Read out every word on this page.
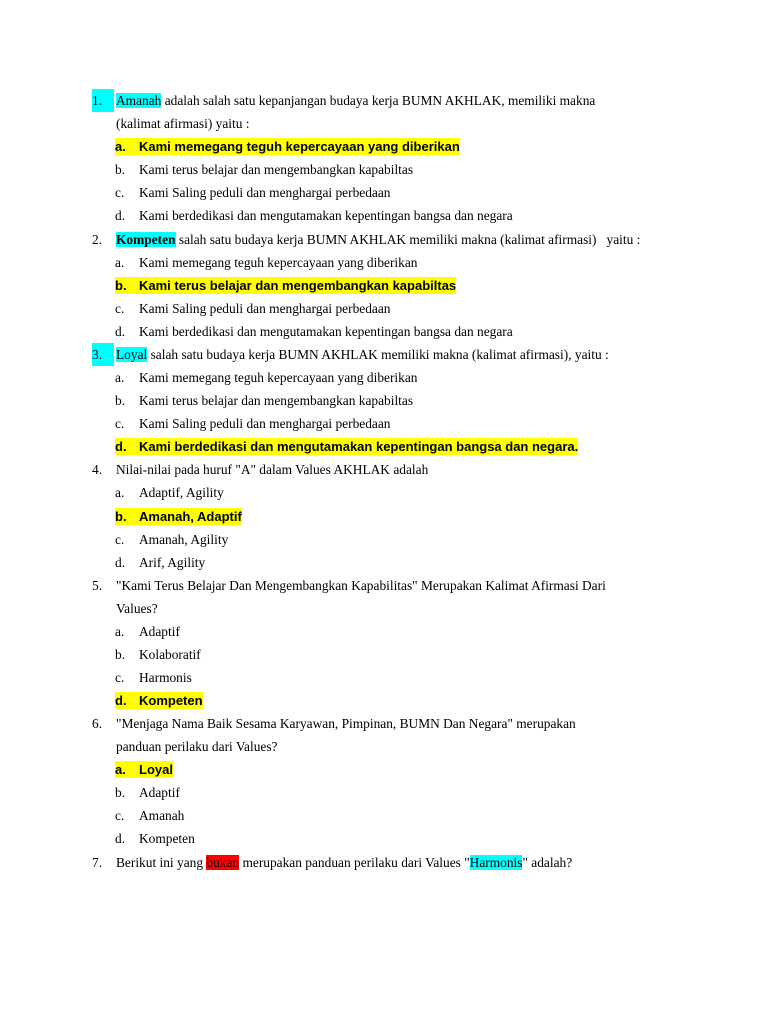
1.	Amanah adalah salah satu kepanjangan budaya kerja BUMN AKHLAK, memiliki makna
(kalimat afirmasi) yaitu :
a. Kami memegang teguh kepercayaan yang diberikan
b. Kami terus belajar dan mengembangkan kapabiltas
c. Kami Saling peduli dan menghargai perbedaan
d. Kami berdedikasi dan mengutamakan kepentingan bangsa dan negara
2.	Kompeten salah satu budaya kerja BUMN AKHLAK memiliki makna (kalimat afirmasi)   yaitu :
a. Kami memegang teguh kepercayaan yang diberikan
b. Kami terus belajar dan mengembangkan kapabiltas
c. Kami Saling peduli dan menghargai perbedaan
d. Kami berdedikasi dan mengutamakan kepentingan bangsa dan negara
3.	Loyal salah satu budaya kerja BUMN AKHLAK memiliki makna (kalimat afirmasi), yaitu :
a. Kami memegang teguh kepercayaan yang diberikan
b. Kami terus belajar dan mengembangkan kapabiltas
c. Kami Saling peduli dan menghargai perbedaan
d. Kami berdedikasi dan mengutamakan kepentingan bangsa dan negara.
4.	Nilai-nilai pada huruf "A" dalam Values AKHLAK adalah
a. Adaptif, Agility
b. Amanah, Adaptif
c. Amanah, Agility
d. Arif, Agility
5.	"Kami Terus Belajar Dan Mengembangkan Kapabilitas" Merupakan Kalimat Afirmasi Dari
Values?
a. Adaptif
b. Kolaboratif
c. Harmonis
d. Kompeten
6.	"Menjaga Nama Baik Sesama Karyawan, Pimpinan, BUMN Dan Negara" merupakan
panduan perilaku dari Values?
a. Loyal
b. Adaptif
c. Amanah
d. Kompeten
7.	Berikut ini yang bukan merupakan panduan perilaku dari Values "Harmonis" adalah?
